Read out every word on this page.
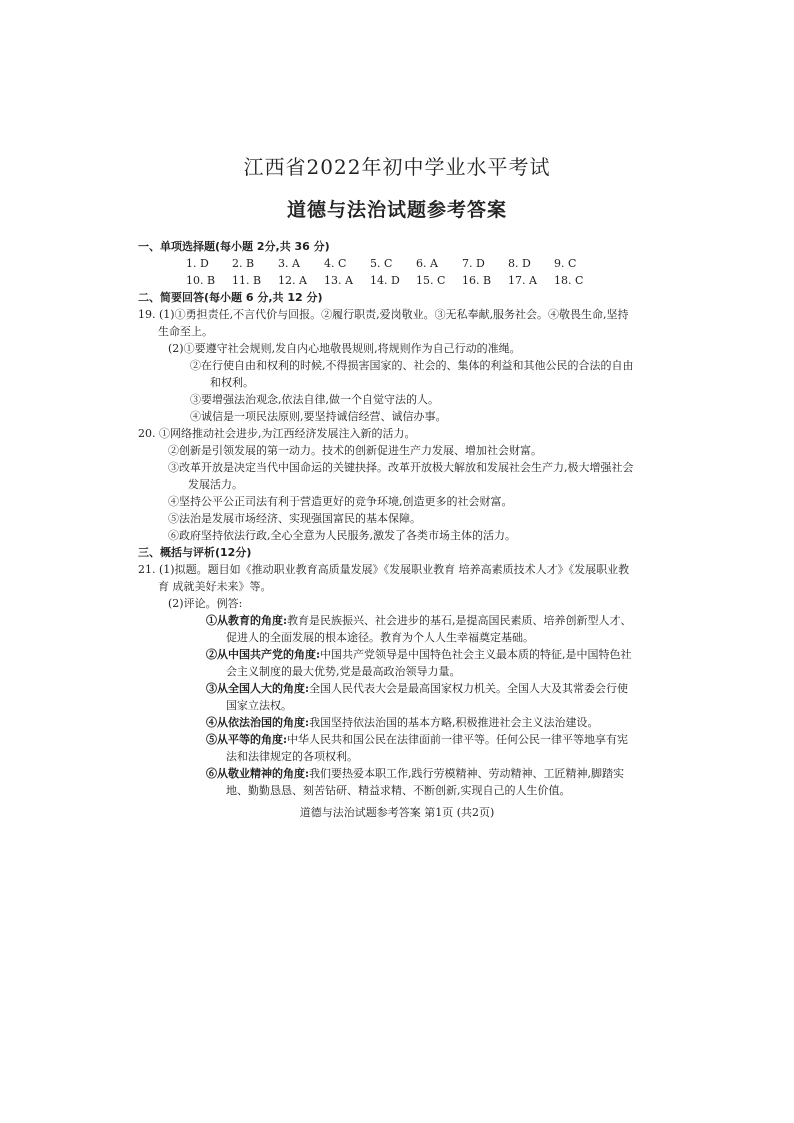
江西省2022年初中学业水平考试
道德与法治试题参考答案
一、单项选择题(每小题 2分,共 36 分)
1. D	2. B	3. A	4. C	5. C	6. A	7. D	8. D	9. C
10. B	11. B	12. A	13. A	14. D	15. C	16. B	17. A	18. C
二、简要回答(每小题 6 分,共 12 分)
19. (1)①勇担责任,不言代价与回报。②履行职责,爱岗敬业。③无私奉献,服务社会。④敬畏生命,坚持生命至上。
(2)①要遵守社会规则,发自内心地敬畏规则,将规则作为自己行动的准绳。
②在行使自由和权利的时候,不得损害国家的、社会的、集体的利益和其他公民的合法的自由和权利。
③要增强法治观念,依法自律,做一个自觉守法的人。
④诚信是一项民法原则,要坚持诚信经营、诚信办事。
20. ①网络推动社会进步,为江西经济发展注入新的活力。
②创新是引领发展的第一动力。技术的创新促进生产力发展、增加社会财富。
③改革开放是决定当代中国命运的关键抉择。改革开放极大解放和发展社会生产力,极大增强社会发展活力。
④坚持公平公正司法有利于营造更好的竞争环境,创造更多的社会财富。
⑤法治是发展市场经济、实现强国富民的基本保障。
⑥政府坚持依法行政,全心全意为人民服务,激发了各类市场主体的活力。
三、概括与评析(12分)
21. (1)拟题。题目如《推动职业教育高质量发展》《发展职业教育 培养高素质技术人才》《发展职业教育 成就美好未来》等。
(2)评论。例答:
①从教育的角度:教育是民族振兴、社会进步的基石,是提高国民素质、培养创新型人才、促进人的全面发展的根本途径。教育为个人人生幸福奠定基础。
②从中国共产党的角度:中国共产党领导是中国特色社会主义最本质的特征,是中国特色社会主义制度的最大优势,党是最高政治领导力量。
③从全国人大的角度:全国人民代表大会是最高国家权力机关。全国人大及其常委会行使国家立法权。
④从依法治国的角度:我国坚持依法治国的基本方略,积极推进社会主义法治建设。
⑤从平等的角度:中华人民共和国公民在法律面前一律平等。任何公民一律平等地享有宪法和法律规定的各项权利。
⑥从敬业精神的角度:我们要热爱本职工作,践行劳模精神、劳动精神、工匠精神,脚踏实地、勤勤恳恳、刻苦钻研、精益求精、不断创新,实现自己的人生价值。
道德与法治试题参考答案 第1页 (共2页)
